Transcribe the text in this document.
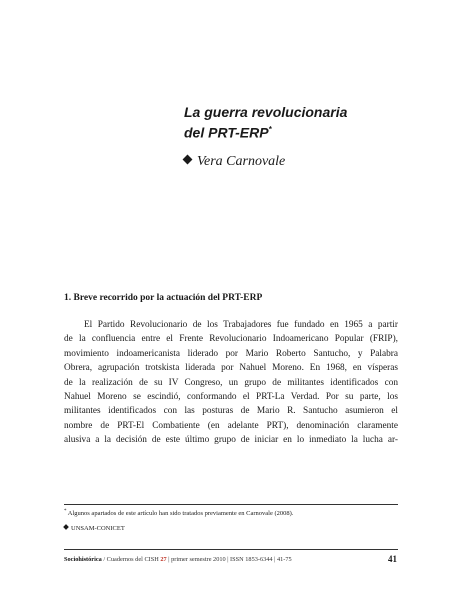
La guerra revolucionaria
del PRT-ERP*
Vera Carnovale
1. Breve recorrido por la actuación del PRT-ERP
El Partido Revolucionario de los Trabajadores fue fundado en 1965 a partir
de la confluencia entre el Frente Revolucionario Indoamericano Popular (FRIP),
movimiento indoamericanista liderado por Mario Roberto Santucho, y Palabra
Obrera, agrupación trotskista liderada por Nahuel Moreno. En 1968, en vísperas
de la realización de su IV Congreso, un grupo de militantes identificados con
Nahuel Moreno se escindió, conformando el PRT-La Verdad. Por su parte, los
militantes identificados con las posturas de Mario R. Santucho asumieron el
nombre de PRT-El Combatiente (en adelante PRT), denominación claramente
alusiva a la decisión de este último grupo de iniciar en lo inmediato la lucha ar-
* Algunos apartados de este artículo han sido tratados previamente en Carnovale (2008).
UNSAM-CONICET
Sociohistórica / Cuadernos del CISH 27 | primer semestre 2010 | ISSN 1853-6344 | 41-75	41
